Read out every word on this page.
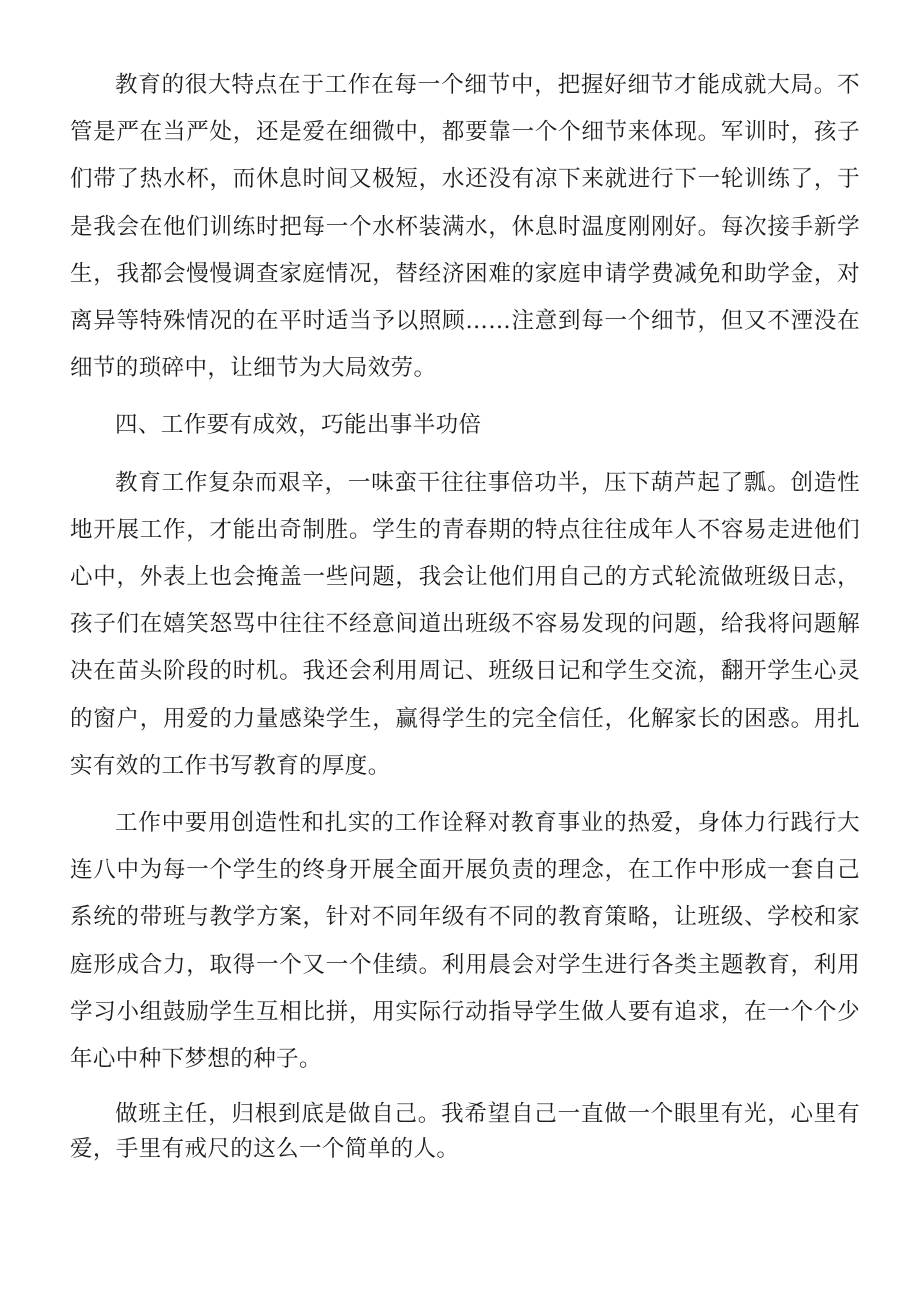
教育的很大特点在于工作在每一个细节中，把握好细节才能成就大局。不管是严在当严处，还是爱在细微中，都要靠一个个细节来体现。军训时，孩子们带了热水杯，而休息时间又极短，水还没有凉下来就进行下一轮训练了，于是我会在他们训练时把每一个水杯装满水，休息时温度刚刚好。每次接手新学生，我都会慢慢调查家庭情况，替经济困难的家庭申请学费减免和助学金，对离异等特殊情况的在平时适当予以照顾……注意到每一个细节，但又不湮没在细节的琐碎中，让细节为大局效劳。

四、工作要有成效，巧能出事半功倍

教育工作复杂而艰辛，一味蛮干往往事倍功半，压下葫芦起了瓢。创造性地开展工作，才能出奇制胜。学生的青春期的特点往往成年人不容易走进他们心中，外表上也会掩盖一些问题，我会让他们用自己的方式轮流做班级日志，孩子们在嬉笑怒骂中往往不经意间道出班级不容易发现的问题，给我将问题解决在苗头阶段的时机。我还会利用周记、班级日记和学生交流，翻开学生心灵的窗户，用爱的力量感染学生，赢得学生的完全信任，化解家长的困惑。用扎实有效的工作书写教育的厚度。

工作中要用创造性和扎实的工作诠释对教育事业的热爱，身体力行践行大连八中为每一个学生的终身开展全面开展负责的理念，在工作中形成一套自己系统的带班与教学方案，针对不同年级有不同的教育策略，让班级、学校和家庭形成合力，取得一个又一个佳绩。利用晨会对学生进行各类主题教育，利用学习小组鼓励学生互相比拼，用实际行动指导学生做人要有追求，在一个个少年心中种下梦想的种子。

做班主任，归根到底是做自己。我希望自己一直做一个眼里有光，心里有爱，手里有戒尺的这么一个简单的人。
